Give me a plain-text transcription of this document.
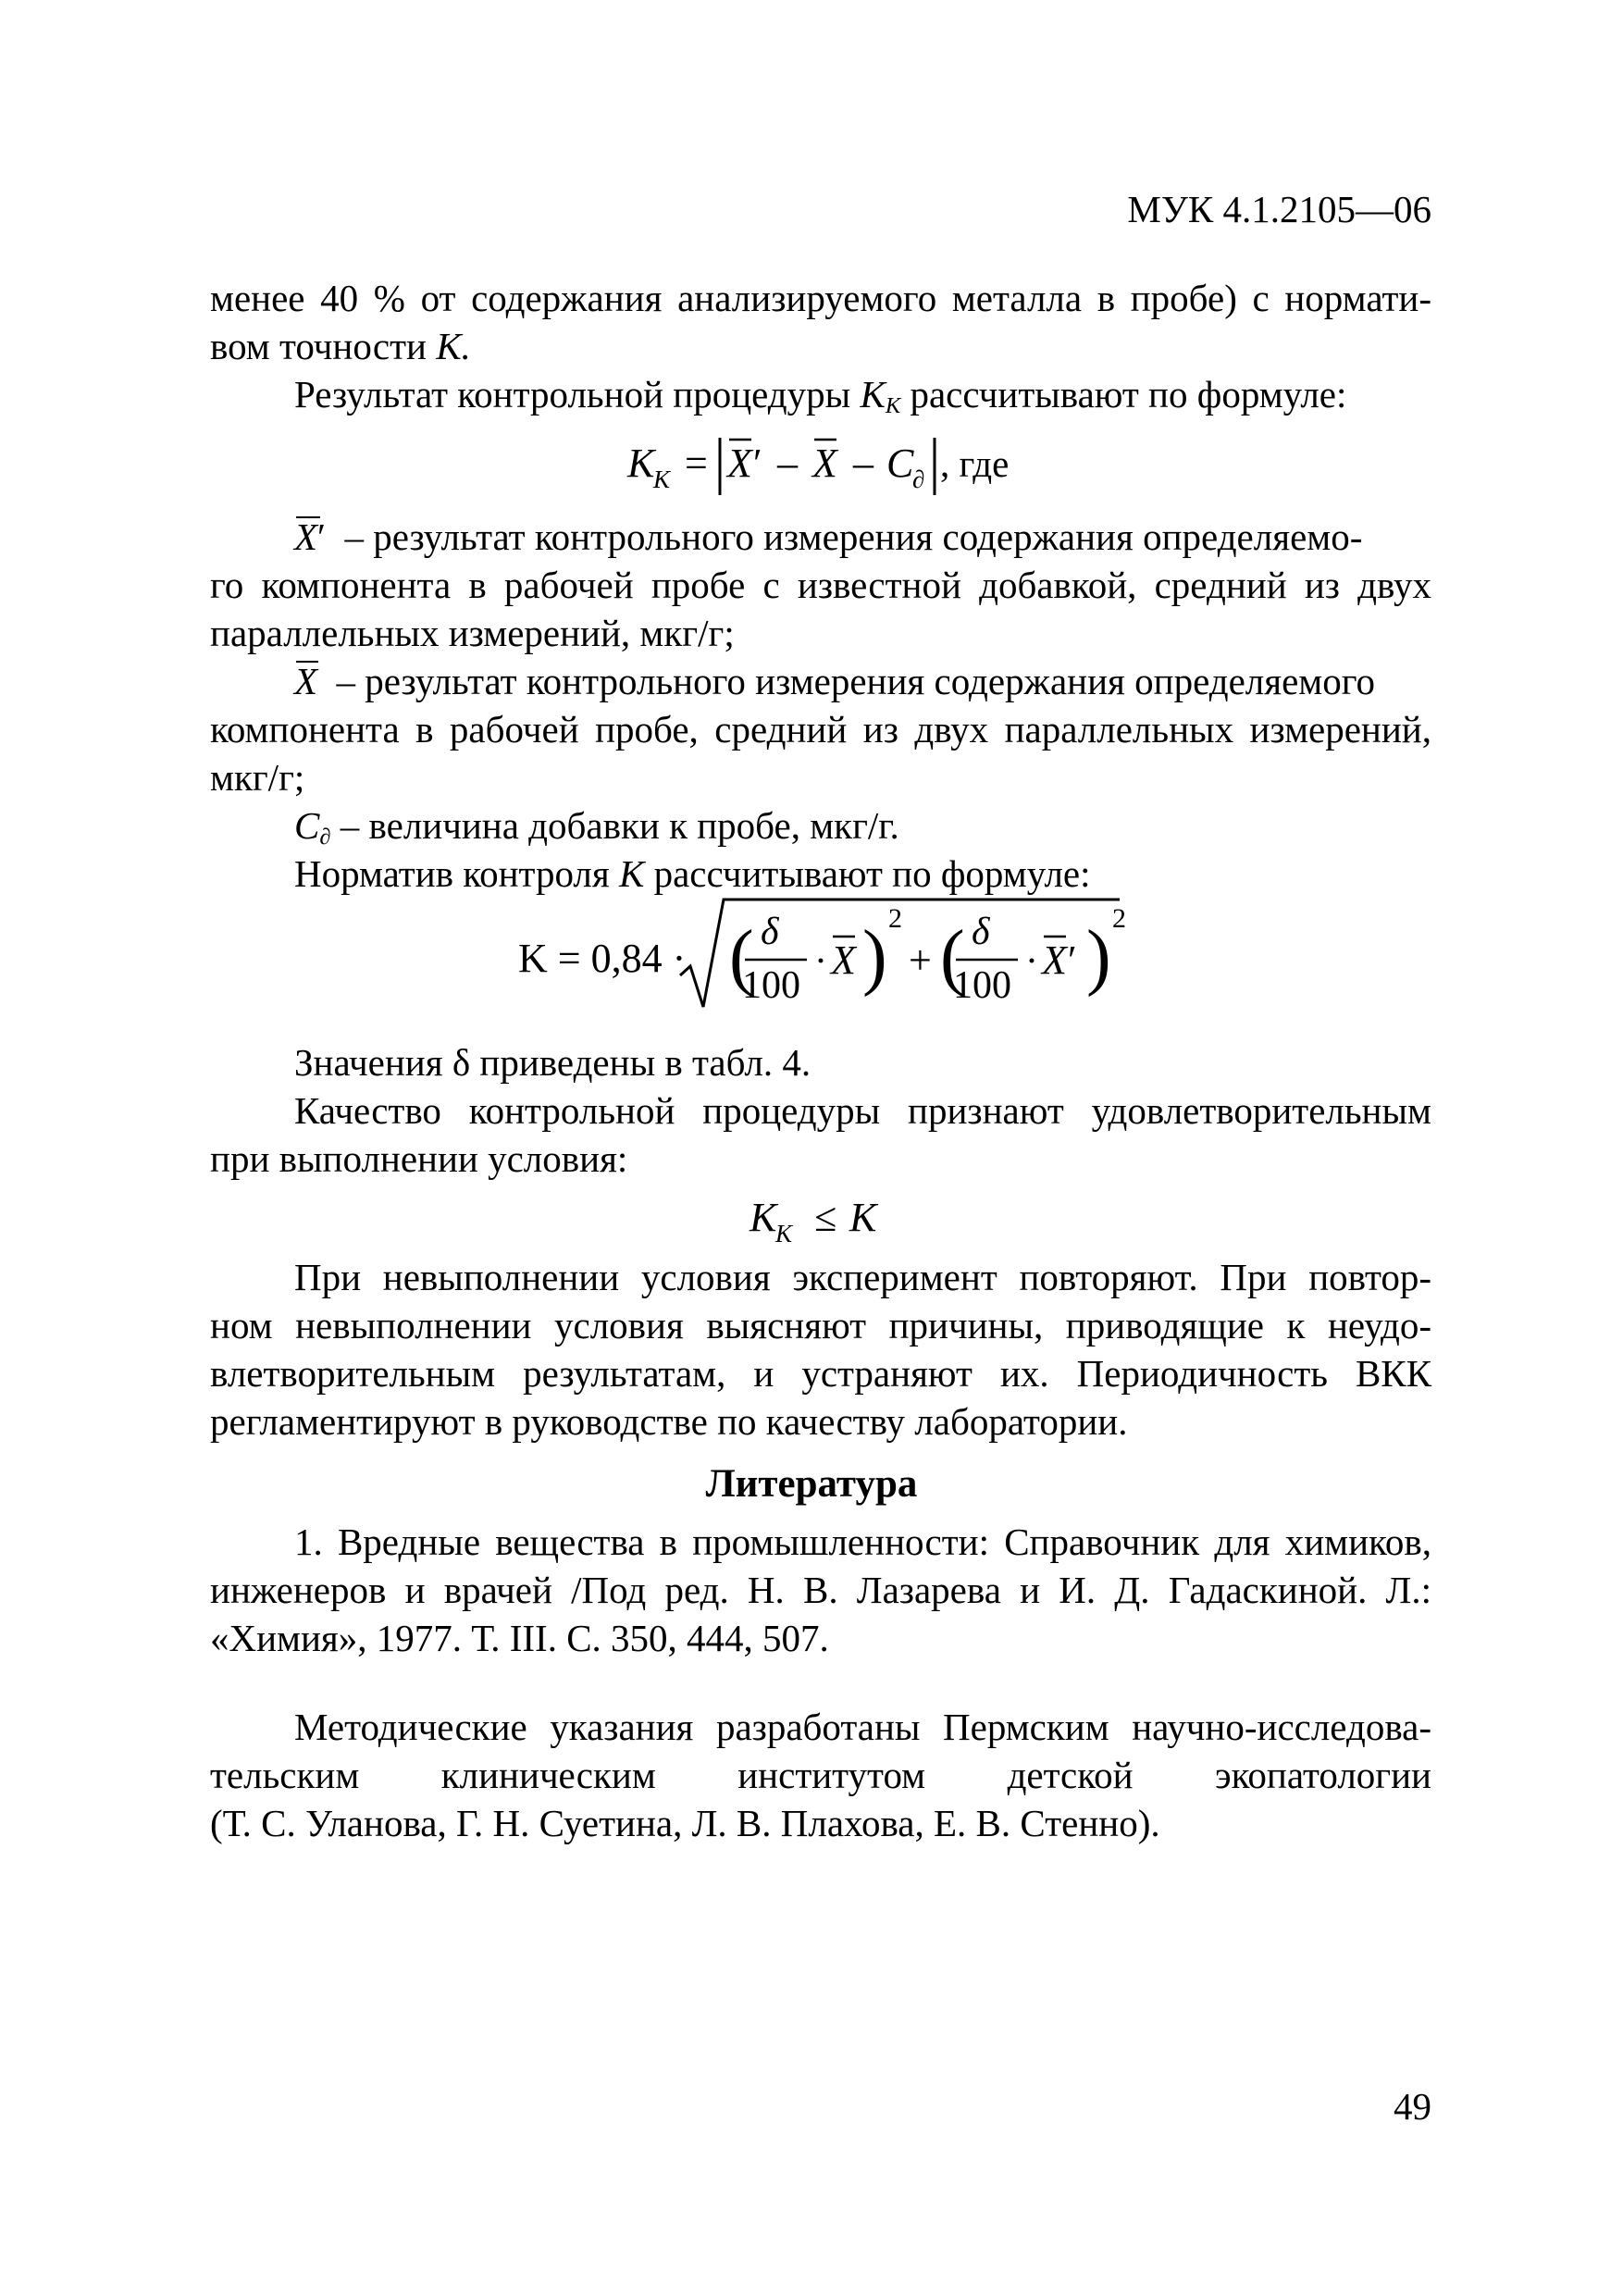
МУК 4.1.2105—06
менее 40 % от содержания анализируемого металла в пробе) с нормати-
вом точности K.
Результат контрольной процедуры $K_K$ рассчитывают по формуле:
K
K = X ′ – X – C
∂ , где
X′ – результат контрольного измерения содержания определяемо-
го компонента в рабочей пробе с известной добавкой, средний из двух
параллельных измерений, мкг/г;
X – результат контрольного измерения содержания определяемого
компонента в рабочей пробе, средний из двух параллельных измерений,
мкг/г;
$C_\partial$ – величина добавки к пробе, мкг/г.
Норматив контроля K рассчитывают по формуле:
K = 0,84 · ( δ
100
· X ) 2
+ ( δ
100
· X ′ ) 2
Значения δ приведены в табл. 4.
Качество контрольной процедуры признают удовлетворительным
при выполнении условия:
K
K ≤ K
При невыполнении условия эксперимент повторяют. При повтор-
ном невыполнении условия выясняют причины, приводящие к неудо-
влетворительным результатам, и устраняют их. Периодичность ВКК
регламентируют в руководстве по качеству лаборатории.
Литература
1. Вредные вещества в промышленности: Справочник для химиков,
инженеров и врачей /Под ред. Н. В. Лазарева и И. Д. Гадаскиной. Л.:
«Химия», 1977. Т. III. С. 350, 444, 507.
Методические указания разработаны Пермским научно-исследова-
тельским клиническим институтом детской экопатологии
(Т. С. Уланова, Г. Н. Суетина, Л. В. Плахова, Е. В. Стенно).
49
